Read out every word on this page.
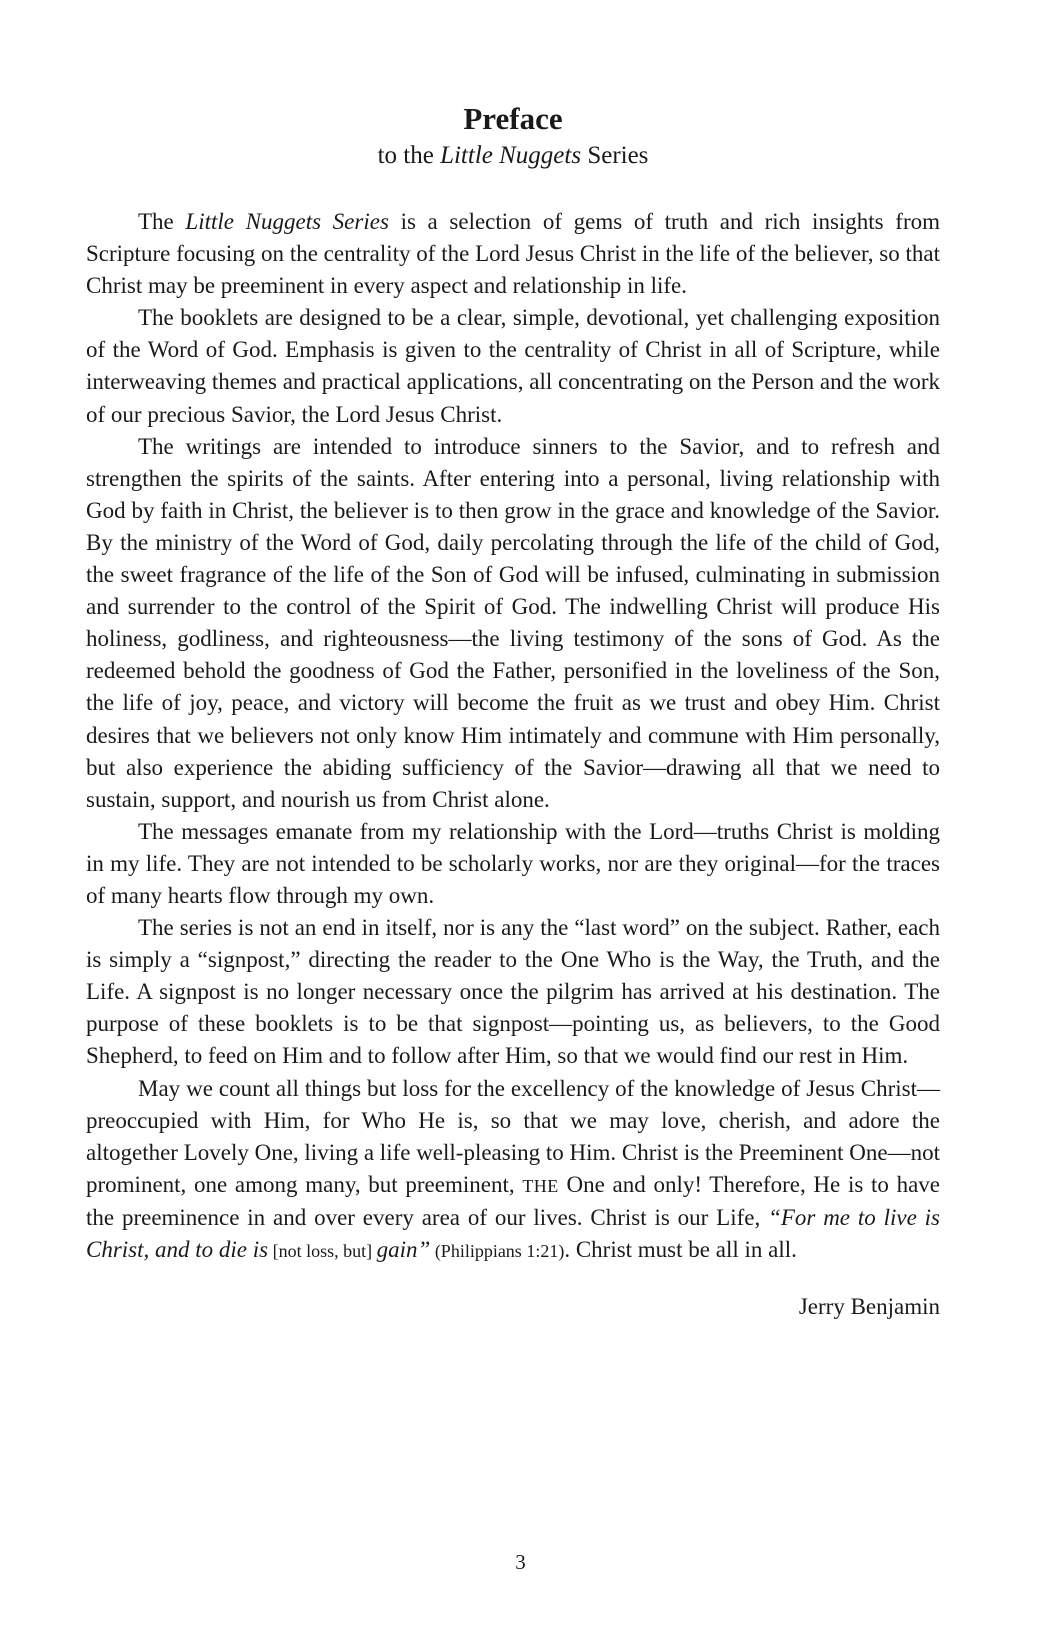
Preface
to the Little Nuggets Series

The Little Nuggets Series is a selection of gems of truth and rich insights from Scripture focusing on the centrality of the Lord Jesus Christ in the life of the believer, so that Christ may be preeminent in every aspect and relationship in life.

The booklets are designed to be a clear, simple, devotional, yet challenging exposition of the Word of God. Emphasis is given to the centrality of Christ in all of Scripture, while interweaving themes and practical applications, all concentrating on the Person and the work of our precious Savior, the Lord Jesus Christ.

The writings are intended to introduce sinners to the Savior, and to refresh and strengthen the spirits of the saints. After entering into a personal, living relationship with God by faith in Christ, the believer is to then grow in the grace and knowledge of the Savior. By the ministry of the Word of God, daily percolating through the life of the child of God, the sweet fragrance of the life of the Son of God will be infused, culminating in submission and surrender to the control of the Spirit of God. The indwelling Christ will produce His holiness, godliness, and righteousness—the living testimony of the sons of God. As the redeemed behold the goodness of God the Father, personified in the loveliness of the Son, the life of joy, peace, and victory will become the fruit as we trust and obey Him. Christ desires that we believers not only know Him intimately and commune with Him personally, but also experience the abiding sufficiency of the Savior—drawing all that we need to sustain, support, and nourish us from Christ alone.

The messages emanate from my relationship with the Lord—truths Christ is molding in my life. They are not intended to be scholarly works, nor are they original—for the traces of many hearts flow through my own.

The series is not an end in itself, nor is any the “last word” on the subject. Rather, each is simply a “signpost,” directing the reader to the One Who is the Way, the Truth, and the Life. A signpost is no longer necessary once the pilgrim has arrived at his destination. The purpose of these booklets is to be that signpost—pointing us, as believers, to the Good Shepherd, to feed on Him and to follow after Him, so that we would find our rest in Him.

May we count all things but loss for the excellency of the knowledge of Jesus Christ—preoccupied with Him, for Who He is, so that we may love, cherish, and adore the altogether Lovely One, living a life well-pleasing to Him. Christ is the Preeminent One—not prominent, one among many, but preeminent, THE One and only! Therefore, He is to have the preeminence in and over every area of our lives. Christ is our Life, “For me to live is Christ, and to die is [not loss, but] gain” (Philippians 1:21). Christ must be all in all.

Jerry Benjamin
3
